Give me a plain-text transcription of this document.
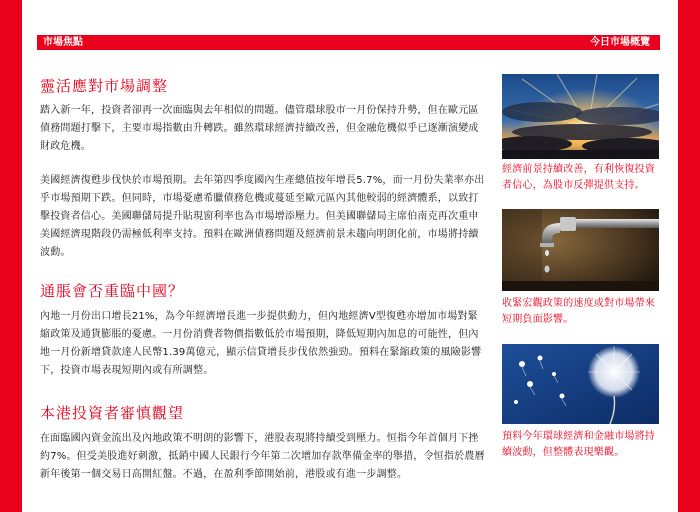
市場焦點	今日市場概覽
靈活應對市場調整

踏入新一年，投資者卻再一次面臨與去年相似的問題。儘管環球股市一月份保持升勢，但在歐元區債務問題打擊下，主要市場指數由升轉跌。雖然環球經濟持續改善，但金融危機似乎已逐漸演變成財政危機。

美國經濟復甦步伐快於市場預期。去年第四季度國內生產總值按年增長5.7%，而一月份失業率亦出乎市場預期下跌。但同時，市場憂慮希臘債務危機或蔓延至歐元區內其他較弱的經濟體系，以致打擊投資者信心。美國聯儲局提升貼現窗利率也為市場增添壓力。但美國聯儲局主席伯南克再次重申美國經濟現階段仍需極低利率支持。預料在歐洲債務問題及經濟前景未趨向明朗化前，市場將持續波動。

通脹會否重臨中國？

內地一月份出口增長21%，為今年經濟增長進一步提供動力，但內地經濟V型復甦亦增加市場對緊縮政策及通貨膨脹的憂慮。一月份消費者物價指數低於市場預期，降低短期內加息的可能性，但內地一月份新增貸款達人民幣1.39萬億元，顯示信貸增長步伐依然強勁。預料在緊縮政策的風險影響下，投資市場表現短期內或有所調整。

本港投資者審慎觀望

在面臨國內資金流出及內地政策不明朗的影響下，港股表現將持續受到壓力。恒指今年首個月下挫約7%。但受美股進好刺激，抵銷中國人民銀行今年第二次增加存款準備金率的舉措，令恒指於農曆新年後第一個交易日高開紅盤。不過，在盈利季節開始前，港股或有進一步調整。

經濟前景持續改善，有利恢復投資者信心，為股市反彈提供支持。

收緊宏觀政策的速度或對市場帶來短期負面影響。

預料今年環球經濟和金融市場將持續波動，但整體表現樂觀。
